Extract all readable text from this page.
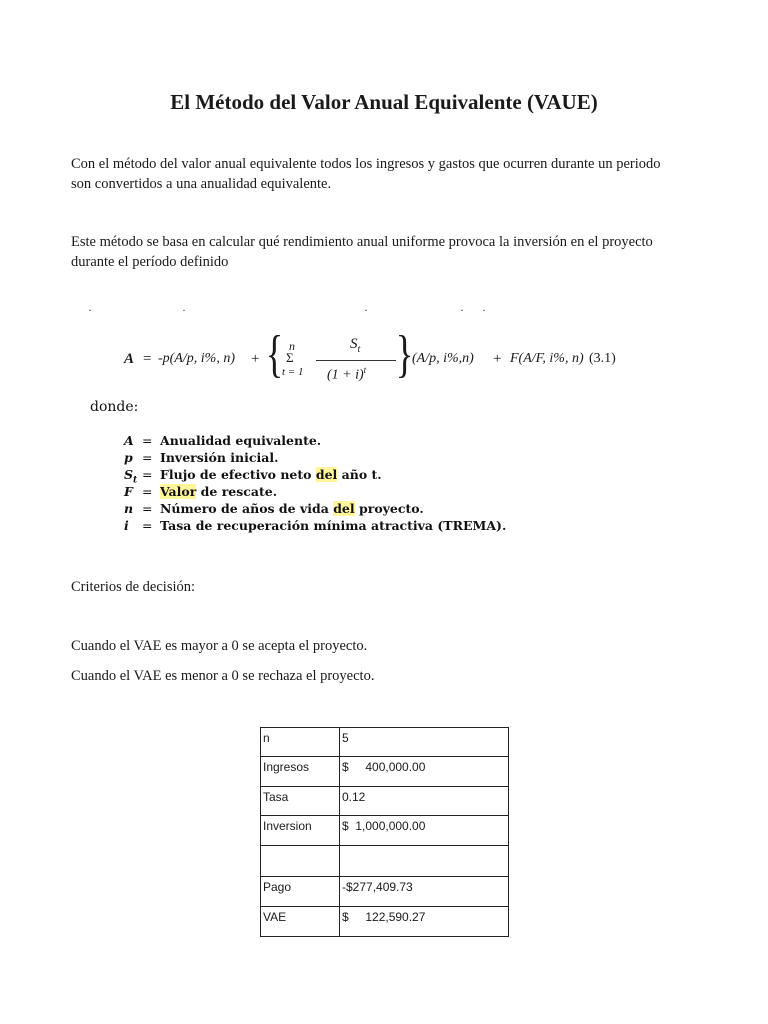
El Método del Valor Anual Equivalente (VAUE)
Con el método del valor anual equivalente todos los ingresos y gastos que ocurren durante un periodo
son convertidos a una anualidad equivalente.
Este método se basa en calcular qué rendimiento anual uniforme provoca la inversión en el proyecto
durante el período definido
·	·	·	· ·
A = -p(A/p, i%, n) + { n
Σ
t = 1
$S_t$
$(1 + i)^t$ }
(A/p, i%,n) + F(A/F, i%, n) (3.1)
donde:
A = Anualidad equivalente.
p = Inversión inicial.
$S_t$ = Flujo de efectivo neto del año t.
F = Valor de rescate.
n = Número de años de vida del proyecto.
i	= Tasa de recuperación mínima atractiva (TREMA).
Criterios de decisión:
Cuando el VAE es mayor a 0 se acepta el proyecto.
Cuando el VAE es menor a 0 se rechaza el proyecto.
n	5
Ingresos	$     400,000.00
Tasa	0.12
Inversion	$  1,000,000.00

Pago	-$277,409.73
VAE	$     122,590.27
